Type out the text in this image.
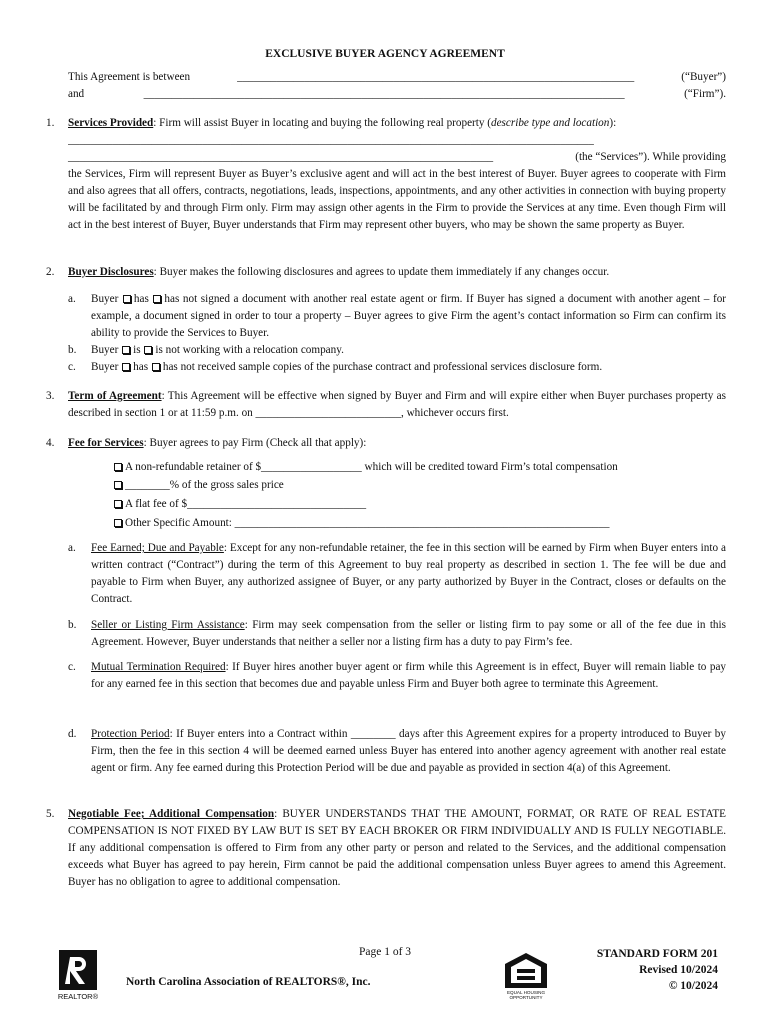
EXCLUSIVE BUYER AGENCY AGREEMENT
This Agreement is between	_______________________________________________________________________	(“Buyer”)
and	______________________________________________________________________________________	(“Firm”).
1.	Services Provided: Firm will assist Buyer in locating and buying the following real property (describe type and location):
______________________________________________________________________________________________
____________________________________________________________________________	(the “Services”). While providing
the Services, Firm will represent Buyer as Buyer’s exclusive agent and will act in the best interest of Buyer. Buyer agrees to cooperate with Firm and also agrees that all offers, contracts, negotiations, leads, inspections, appointments, and any other activities in connection with buying property will be facilitated by and through Firm only. Firm may assign other agents in the Firm to provide the Services at any time. Even though Firm will act in the best interest of Buyer, Buyer understands that Firm may represent other buyers, who may be shown the same property as Buyer.
2.	Buyer Disclosures: Buyer makes the following disclosures and agrees to update them immediately if any changes occur.
a.	Buyer has has not signed a document with another real estate agent or firm. If Buyer has signed a document with another agent – for example, a document signed in order to tour a property – Buyer agrees to give Firm the agent’s contact information so Firm can confirm its ability to provide the Services to Buyer.
b.	Buyer is is not working with a relocation company.
c.	Buyer has has not received sample copies of the purchase contract and professional services disclosure form.
3.	Term of Agreement: This Agreement will be effective when signed by Buyer and Firm and will expire either when Buyer purchases property as described in section 1 or at 11:59 p.m. on __________________________, whichever occurs first.
4.	Fee for Services: Buyer agrees to pay Firm (Check all that apply):
A non-refundable retainer of $__________________ which will be credited toward Firm’s total compensation
________% of the gross sales price
A flat fee of $________________________________
Other Specific Amount: ___________________________________________________________________
a.	Fee Earned; Due and Payable: Except for any non-refundable retainer, the fee in this section will be earned by Firm when Buyer enters into a written contract (“Contract”) during the term of this Agreement to buy real property as described in section 1. The fee will be due and payable to Firm when Buyer, any authorized assignee of Buyer, or any party authorized by Buyer in the Contract, closes or defaults on the Contract.
b.	Seller or Listing Firm Assistance: Firm may seek compensation from the seller or listing firm to pay some or all of the fee due in this Agreement. However, Buyer understands that neither a seller nor a listing firm has a duty to pay Firm’s fee.
c.	Mutual Termination Required: If Buyer hires another buyer agent or firm while this Agreement is in effect, Buyer will remain liable to pay for any earned fee in this section that becomes due and payable unless Firm and Buyer both agree to terminate this Agreement.
d.	Protection Period: If Buyer enters into a Contract within ________ days after this Agreement expires for a property introduced to Buyer by Firm, then the fee in this section 4 will be deemed earned unless Buyer has entered into another agency agreement with another real estate agent or firm. Any fee earned during this Protection Period will be due and payable as provided in section 4(a) of this Agreement.
5.	Negotiable Fee; Additional Compensation: BUYER UNDERSTANDS THAT THE AMOUNT, FORMAT, OR RATE OF REAL ESTATE COMPENSATION IS NOT FIXED BY LAW BUT IS SET BY EACH BROKER OR FIRM INDIVIDUALLY AND IS FULLY NEGOTIABLE. If any additional compensation is offered to Firm from any other party or person and related to the Services, and the additional compensation exceeds what Buyer has agreed to pay herein, Firm cannot be paid the additional compensation unless Buyer agrees to amend this Agreement. Buyer has no obligation to agree to additional compensation.
Page 1 of 3
REALTOR®
North Carolina Association of REALTORS®, Inc.
EQUAL HOUSING
OPPORTUNITY
STANDARD FORM 201
Revised 10/2024
© 10/2024
